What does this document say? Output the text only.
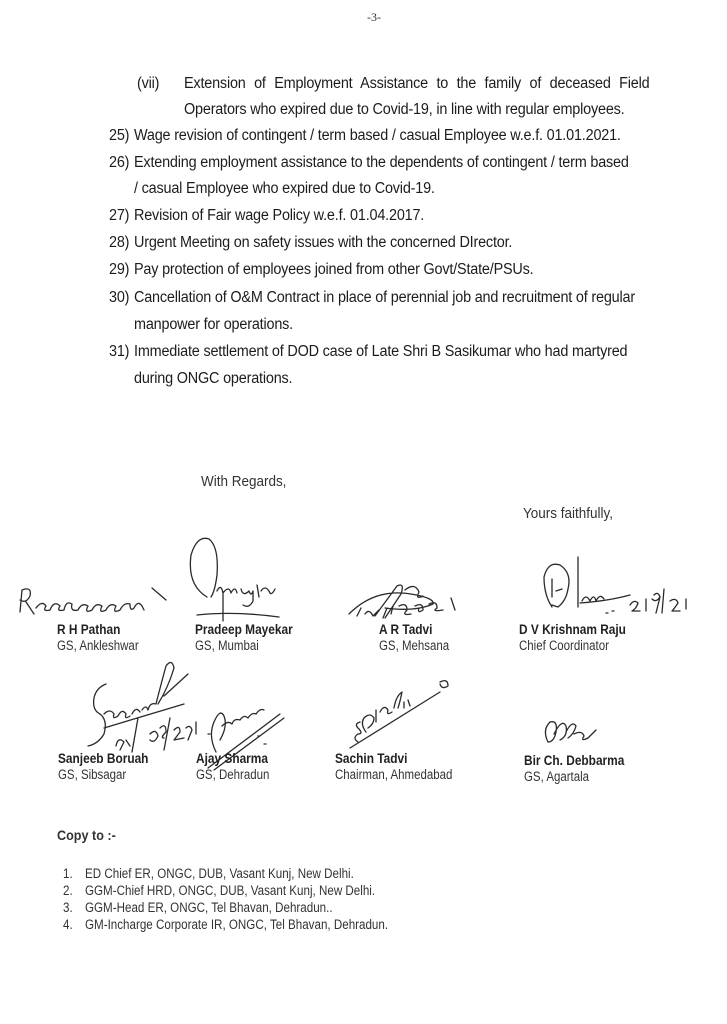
-3-
(vii) Extension of Employment Assistance to the family of deceased Field
Operators who expired due to Covid-19, in line with regular employees.
25) Wage revision of contingent / term based / casual Employee w.e.f. 01.01.2021.
26) Extending employment assistance to the dependents of contingent / term based
/ casual Employee who expired due to Covid-19.
27) Revision of Fair wage Policy w.e.f. 01.04.2017.
28) Urgent Meeting on safety issues with the concerned DIrector.
29) Pay protection of employees joined from other Govt/State/PSUs.
30) Cancellation of O&M Contract in place of perennial job and recruitment of regular
manpower for operations.
31) Immediate settlement of DOD case of Late Shri B Sasikumar who had martyred
during ONGC operations.
With Regards,
Yours faithfully,
R H Pathan
GS, Ankleshwar
Pradeep Mayekar
GS, Mumbai
A R Tadvi
GS, Mehsana
D V Krishnam Raju
Chief Coordinator
Sanjeeb Boruah
GS, Sibsagar
Ajay Sharma
GS, Dehradun
Sachin Tadvi
Chairman, Ahmedabad
Bir Ch. Debbarma
GS, Agartala
Copy to :-
1. ED Chief ER, ONGC, DUB, Vasant Kunj, New Delhi.
2. GGM-Chief HRD, ONGC, DUB, Vasant Kunj, New Delhi.
3. GGM-Head ER, ONGC, Tel Bhavan, Dehradun..
4. GM-Incharge Corporate IR, ONGC, Tel Bhavan, Dehradun.
